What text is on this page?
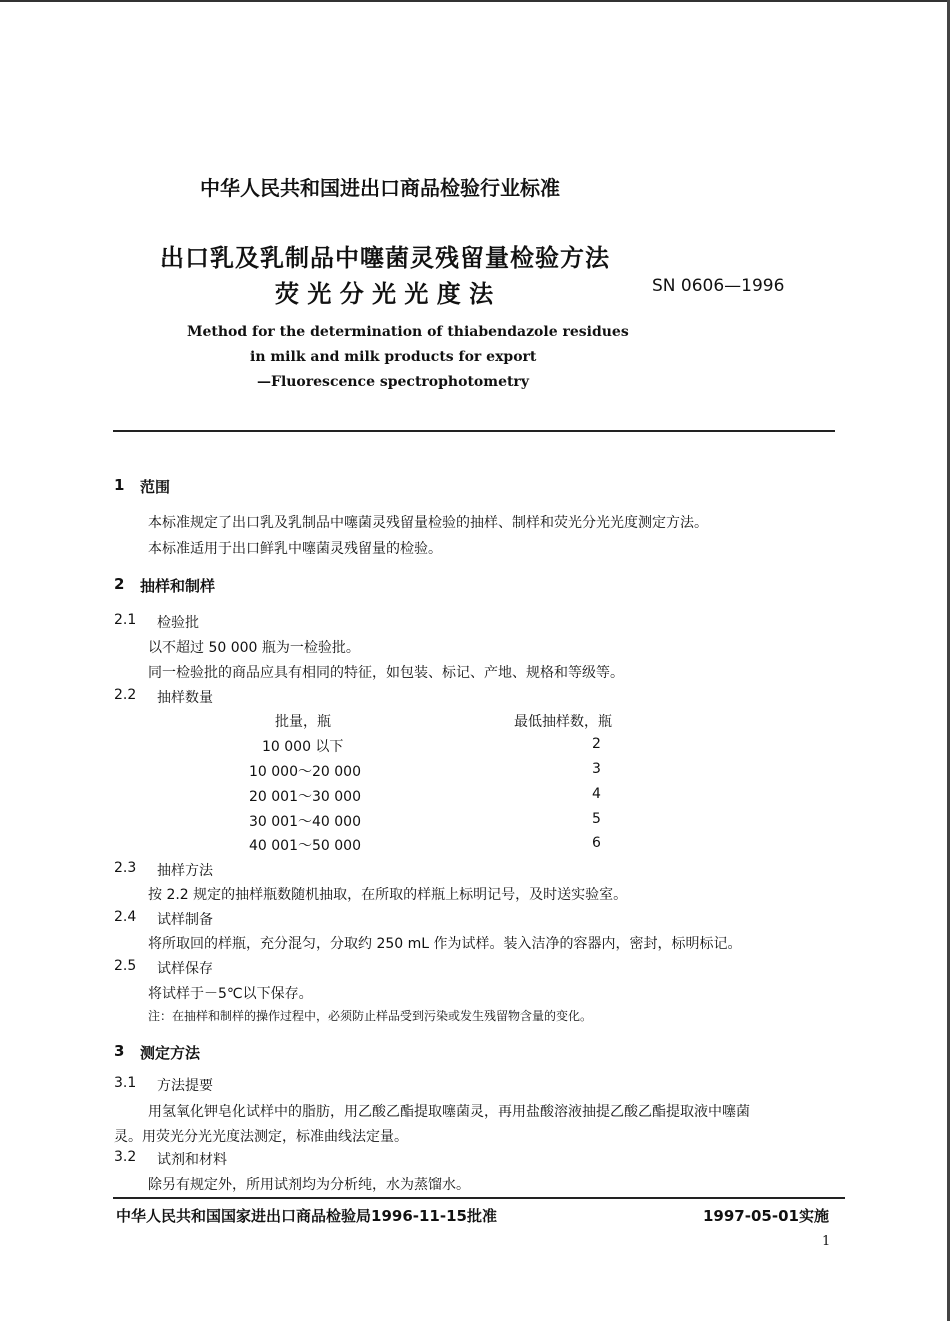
中华人民共和国进出口商品检验行业标准
出口乳及乳制品中噻菌灵残留量检验方法
荧 光 分 光 光 度 法	SN 0606—1996
Method for the determination of thiabendazole residues
in milk and milk products for export
—Fluorescence spectrophotometry
1 范围
本标准规定了出口乳及乳制品中噻菌灵残留量检验的抽样、制样和荧光分光光度测定方法。
本标准适用于出口鲜乳中噻菌灵残留量的检验。
2 抽样和制样
2.1 检验批
以不超过 50 000 瓶为一检验批。
同一检验批的商品应具有相同的特征，如包装、标记、产地、规格和等级等。
2.2 抽样数量
批量，瓶	最低抽样数，瓶
10 000 以下	2
10 000～20 000	3
20 001～30 000	4
30 001～40 000	5
40 001～50 000	6
2.3 抽样方法
按 2.2 规定的抽样瓶数随机抽取，在所取的样瓶上标明记号，及时送实验室。
2.4 试样制备
将所取回的样瓶，充分混匀，分取约 250 mL 作为试样。装入洁净的容器内，密封，标明标记。
2.5 试样保存
将试样于－5℃以下保存。
注：在抽样和制样的操作过程中，必须防止样品受到污染或发生残留物含量的变化。
3 测定方法
3.1 方法提要
用氢氧化钾皂化试样中的脂肪，用乙酸乙酯提取噻菌灵，再用盐酸溶液抽提乙酸乙酯提取液中噻菌
灵。用荧光分光光度法测定，标准曲线法定量。
3.2 试剂和材料
除另有规定外，所用试剂均为分析纯，水为蒸馏水。
中华人民共和国国家进出口商品检验局1996-11-15批准	1997-05-01实施
1
